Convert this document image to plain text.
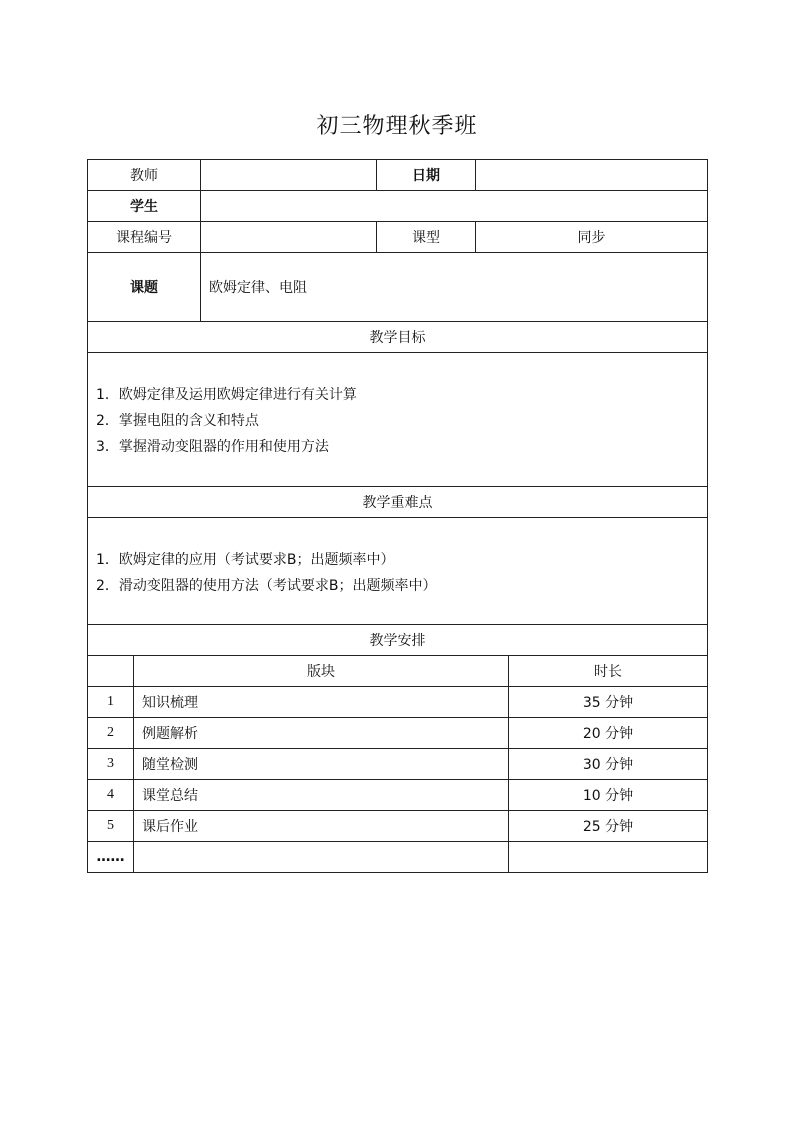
初三物理秋季班
教师		日期	
学生			
课程编号		课型	同步
课题	欧姆定律、电阻		
教学目标			

1．欧姆定律及运用欧姆定律进行有关计算
2．掌握电阻的含义和特点
3．掌握滑动变阻器的作用和使用方法			

教学重难点			

1．欧姆定律的应用（考试要求B；出题频率中）
2．滑动变阻器的使用方法（考试要求B；出题频率中）			

教学安排			
	版块	时长
1	知识梳理	35 分钟
2	例题解析	20 分钟
3	随堂检测	30 分钟
4	课堂总结	10 分钟
5	课后作业	25 分钟
……		
